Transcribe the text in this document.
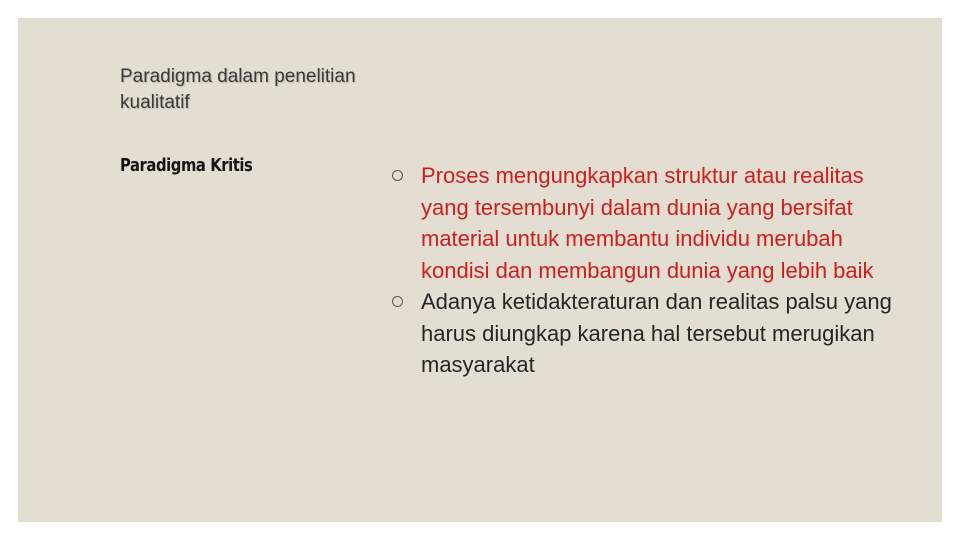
Paradigma dalam penelitian kualitatif
Paradigma Kritis	Proses mengungkapkan struktur atau realitas yang tersembunyi dalam dunia yang bersifat material untuk membantu individu merubah kondisi dan membangun dunia yang lebih baik
Adanya ketidakteraturan dan realitas palsu yang harus diungkap karena hal tersebut merugikan masyarakat
